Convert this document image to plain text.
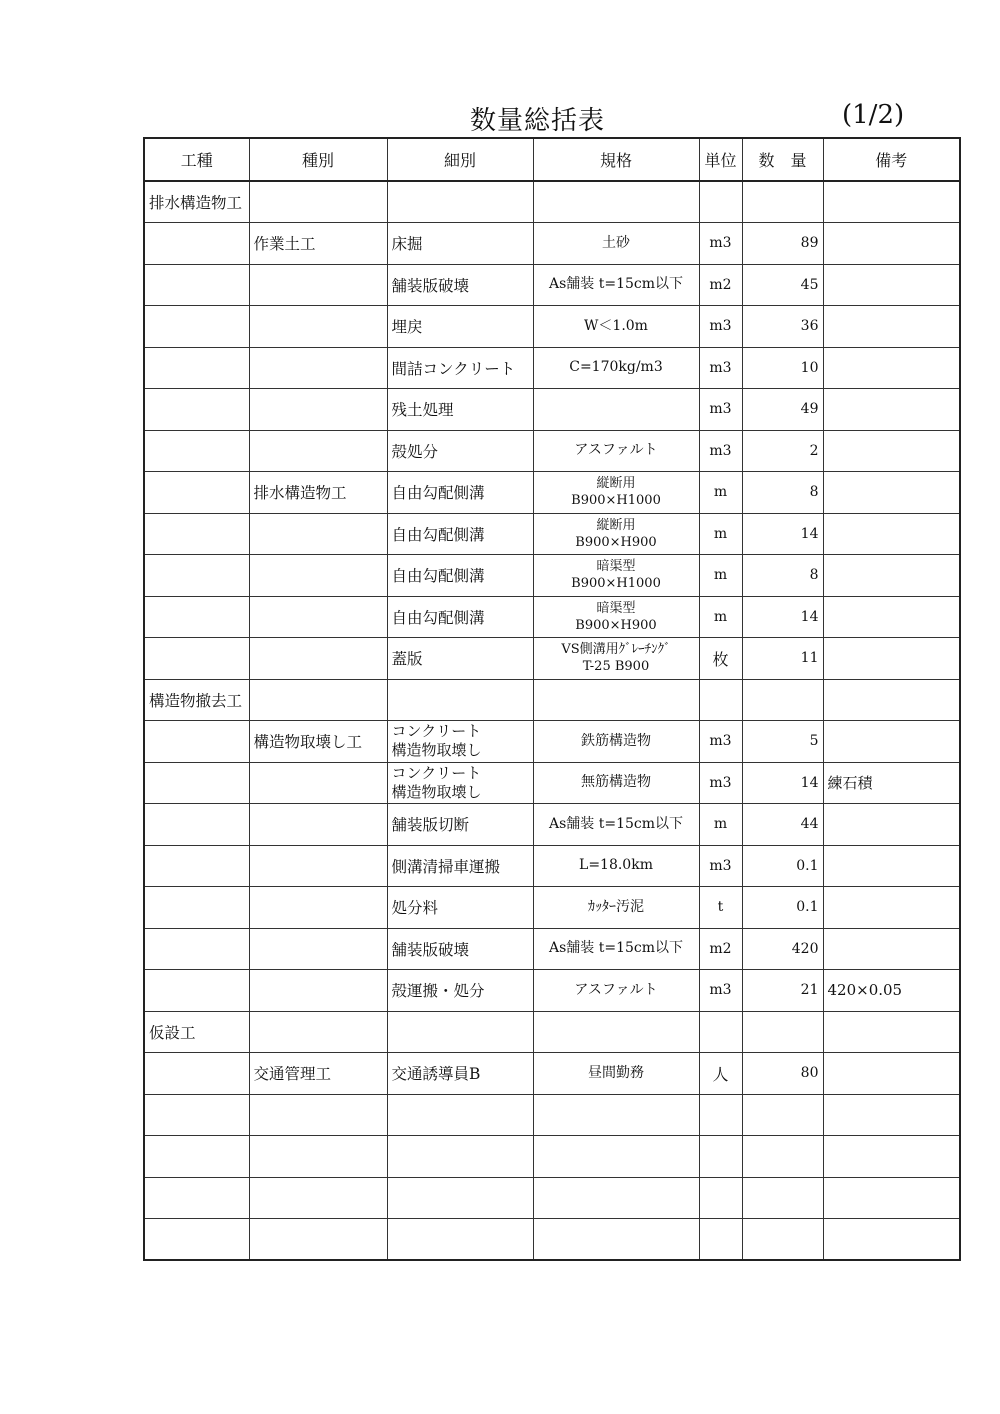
数量総括表	(1/2)
工種	種別	細別	規格	単位	数　量	備考
排水構造物工						
	作業土工	床掘	土砂	m3	89	
		舗装版破壊	As舗装 t=15cm以下	m2	45	
		埋戻	W＜1.0m	m3	36	
		間詰コンクリート	C=170kg/m3	m3	10	
		残土処理		m3	49	
		殻処分	アスファルト	m3	2	
	排水構造物工	自由勾配側溝	縦断用
B900×H1000	m	8	
		自由勾配側溝	縦断用
B900×H900	m	14	
		自由勾配側溝	暗渠型
B900×H1000	m	8	
		自由勾配側溝	暗渠型
B900×H900	m	14	
		蓋版	VS側溝用ｸﾞﾚｰﾁﾝｸﾞ
T-25 B900	枚	11	
構造物撤去工						
	構造物取壊し工	コンクリート
構造物取壊し	鉄筋構造物	m3	5	

		コンクリート
構造物取壊し	無筋構造物	m3	14	練石積
		舗装版切断	As舗装 t=15cm以下	m	44	
		側溝清掃車運搬	L=18.0km	m3	0.1	
		処分料	ｶｯﾀｰ汚泥	t	0.1	
		舗装版破壊	As舗装 t=15cm以下	m2	420	
		殻運搬・処分	アスファルト	m3	21	420×0.05
仮設工						
	交通管理工	交通誘導員B	昼間勤務	人	80	
